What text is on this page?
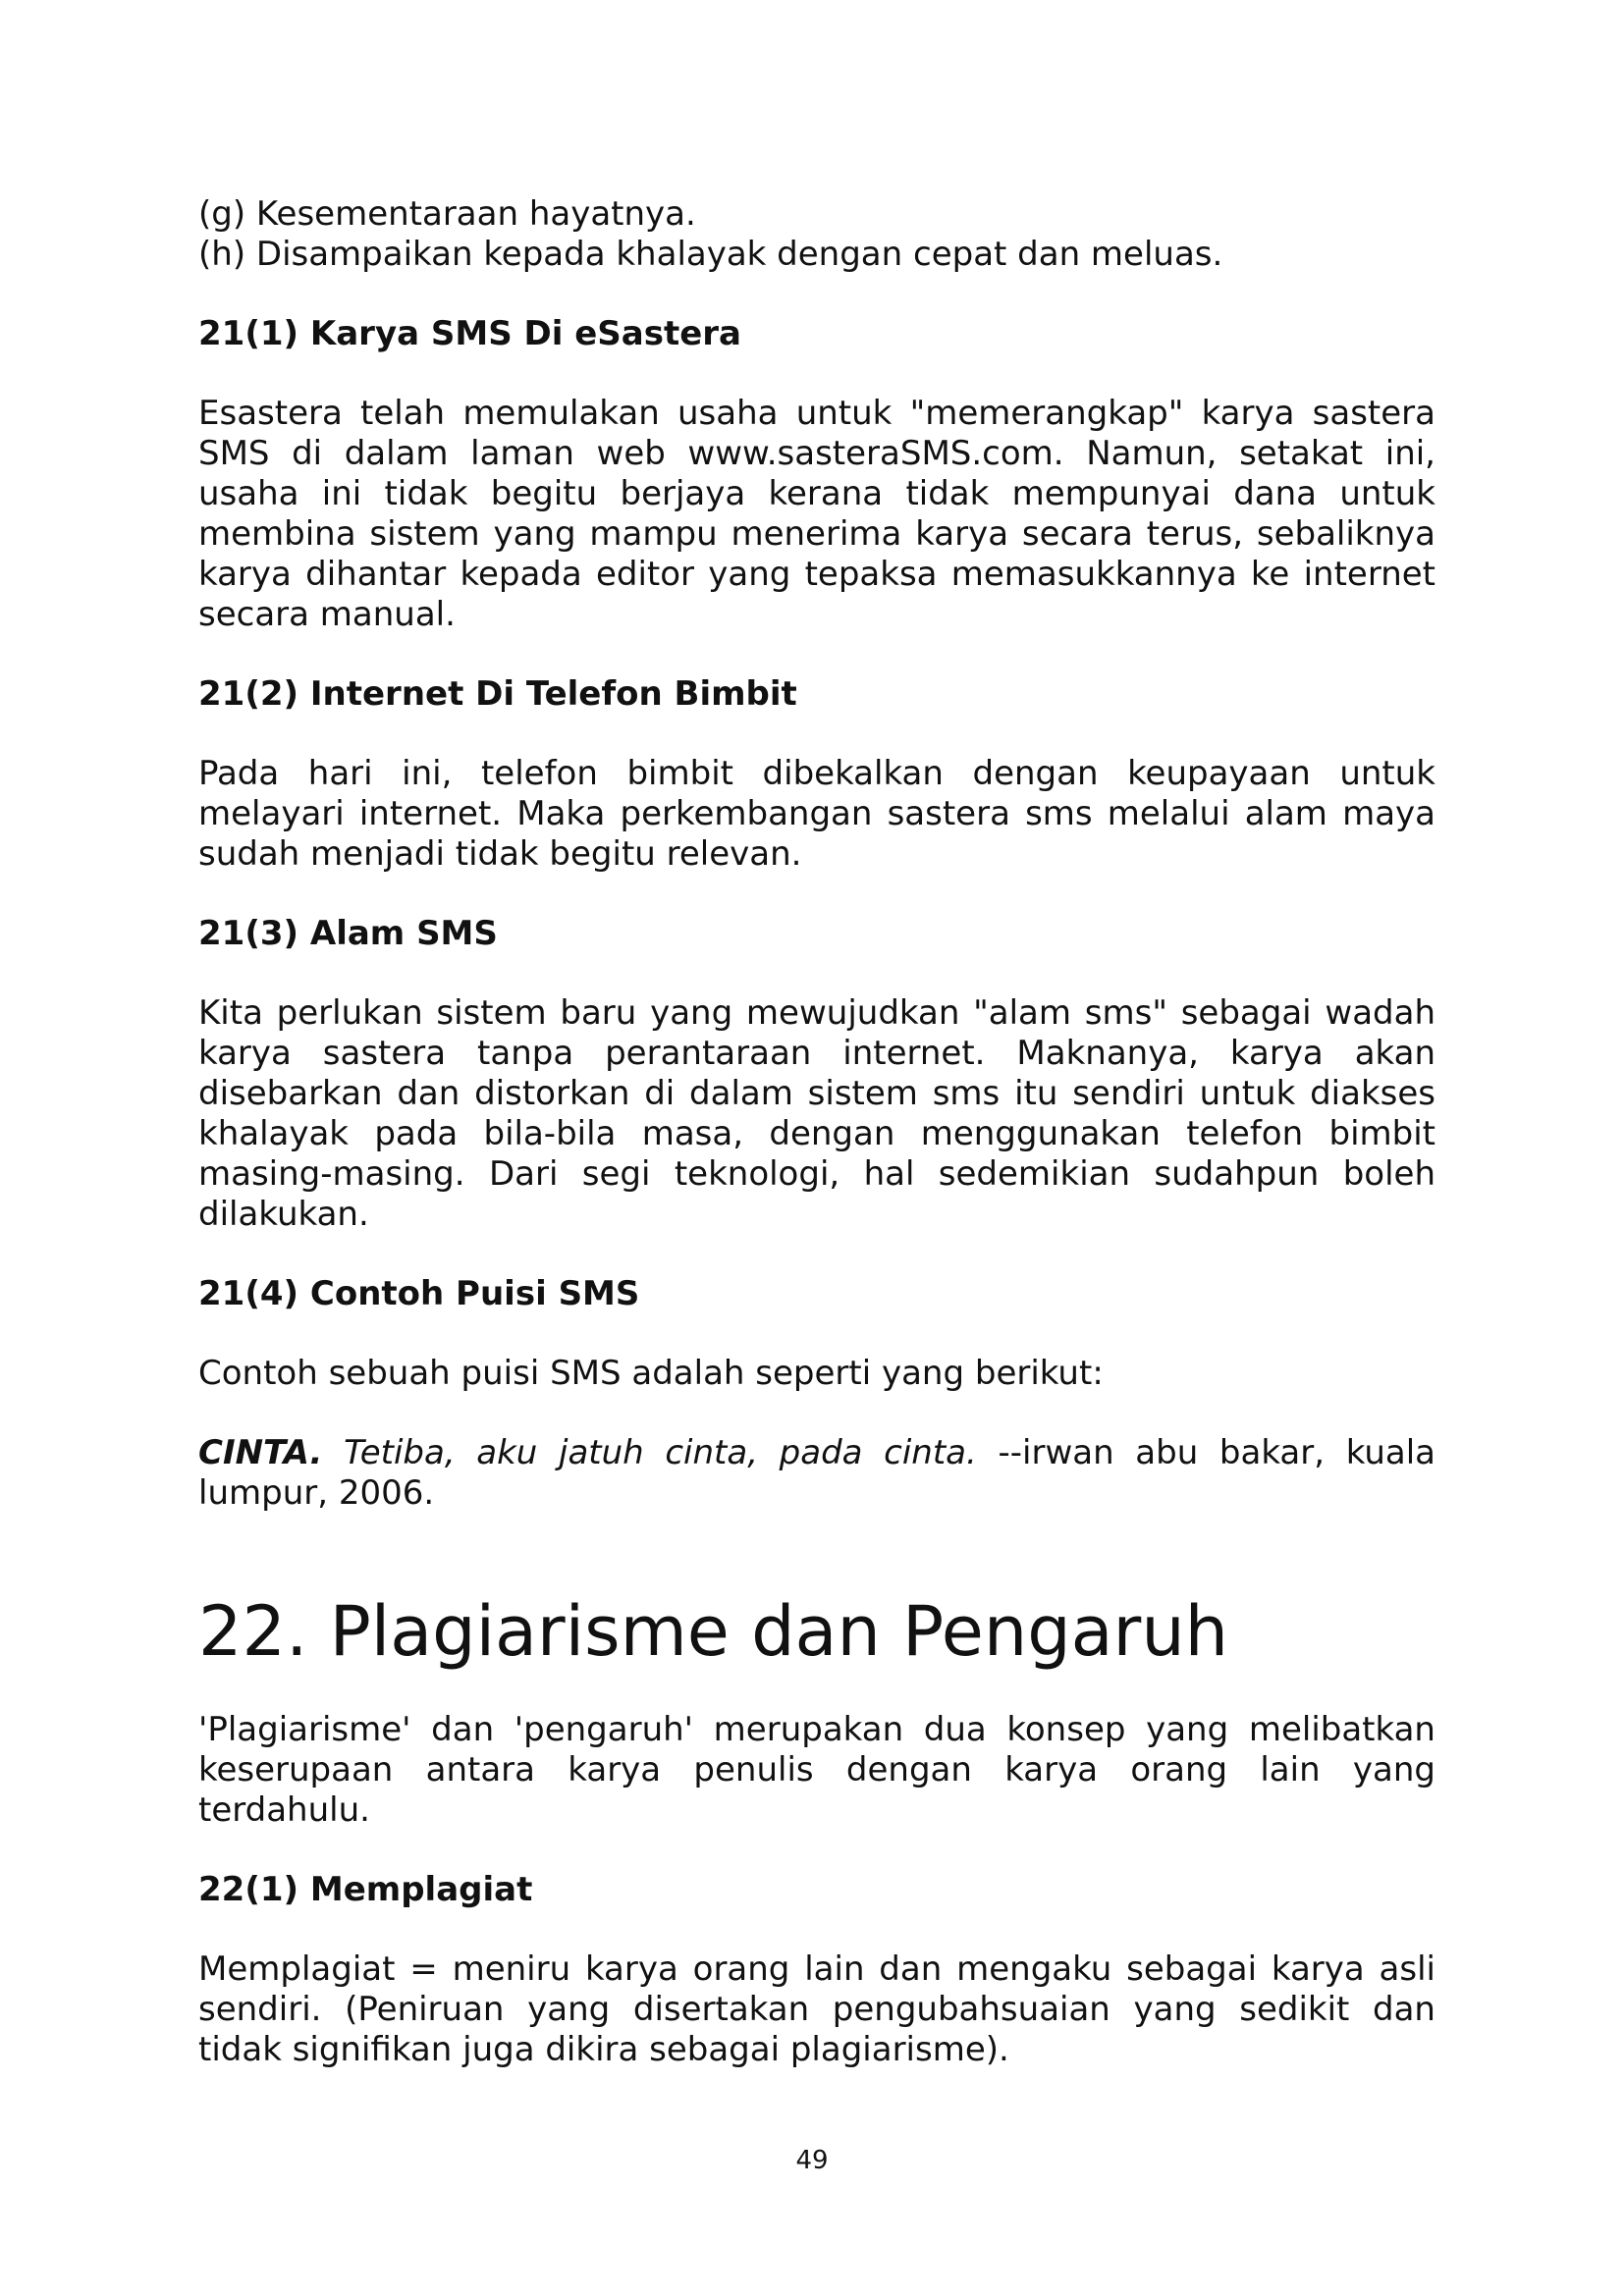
(g) Kesementaraan hayatnya.

(h) Disampaikan kepada khalayak dengan cepat dan meluas.

21(1) Karya SMS Di eSastera

Esastera telah memulakan usaha untuk "memerangkap" karya sastera SMS di dalam laman web www.sasteraSMS.com. Namun, setakat ini, usaha ini tidak begitu berjaya kerana tidak mempunyai dana untuk membina sistem yang mampu menerima karya secara terus, sebaliknya karya dihantar kepada editor yang tepaksa memasukkannya ke internet secara manual.

21(2) Internet Di Telefon Bimbit

Pada hari ini, telefon bimbit dibekalkan dengan keupayaan untuk melayari internet. Maka perkembangan sastera sms melalui alam maya sudah menjadi tidak begitu relevan.

21(3) Alam SMS

Kita perlukan sistem baru yang mewujudkan "alam sms" sebagai wadah karya sastera tanpa perantaraan internet. Maknanya, karya akan disebarkan dan distorkan di dalam sistem sms itu sendiri untuk diakses khalayak pada bila-bila masa, dengan menggunakan telefon bimbit masing-masing. Dari segi teknologi, hal sedemikian sudahpun boleh dilakukan.

21(4) Contoh Puisi SMS

Contoh sebuah puisi SMS adalah seperti yang berikut:

CINTA. Tetiba, aku jatuh cinta, pada cinta. --irwan abu bakar, kuala lumpur, 2006.

22. Plagiarisme dan Pengaruh

'Plagiarisme' dan 'pengaruh' merupakan dua konsep yang melibatkan keserupaan antara karya penulis dengan karya orang lain yang terdahulu.

22(1) Memplagiat

Memplagiat = meniru karya orang lain dan mengaku sebagai karya asli sendiri. (Peniruan yang disertakan pengubahsuaian yang sedikit dan tidak signifikan juga dikira sebagai plagiarisme).

49
